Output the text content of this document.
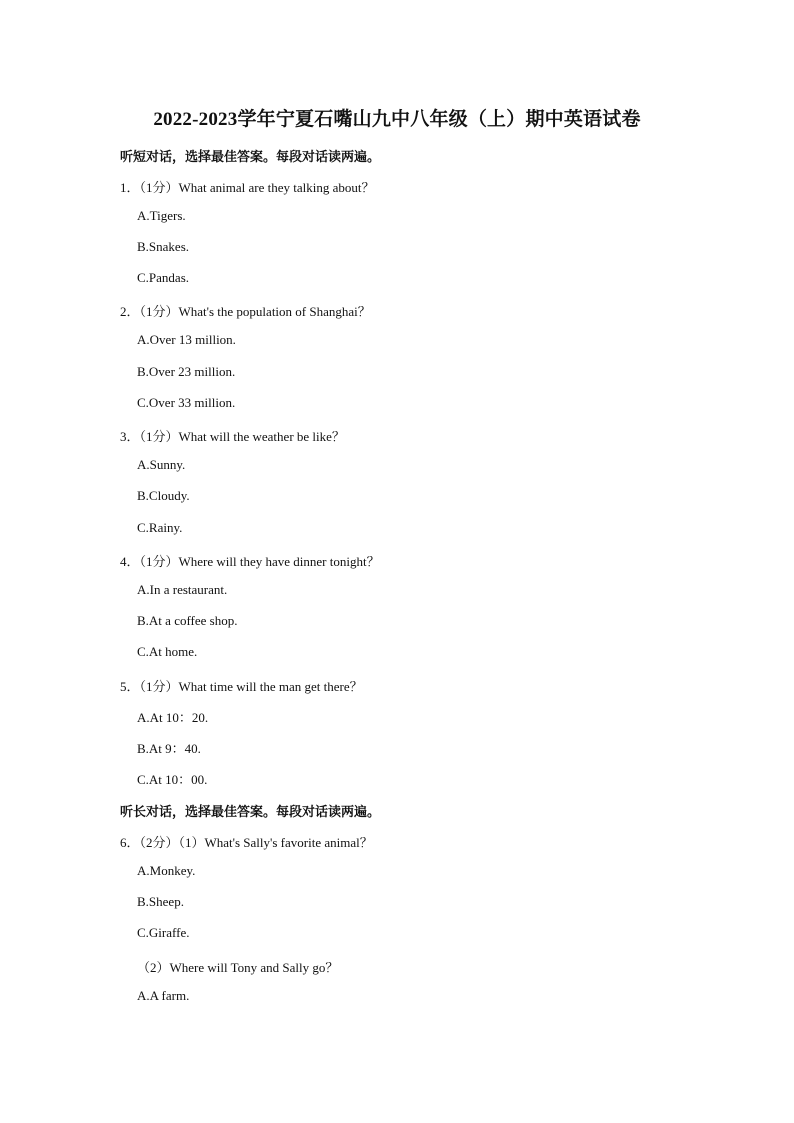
2022-2023学年宁夏石嘴山九中八年级（上）期中英语试卷
听短对话，选择最佳答案。每段对话读两遍。
1．（1分）What animal are they talking about？
A.Tigers.
B.Snakes.
C.Pandas.
2．（1分）What's the population of Shanghai？
A.Over 13 million.
B.Over 23 million.
C.Over 33 million.
3．（1分）What will the weather be like？
A.Sunny.
B.Cloudy.
C.Rainy.
4．（1分）Where will they have dinner tonight？
A.In a restaurant.
B.At a coffee shop.
C.At home.
5．（1分）What time will the man get there？
A.At 10：20.
B.At 9：40.
C.At 10：00.
听长对话，选择最佳答案。每段对话读两遍。
6．（2分）（1）What's Sally's favorite animal？
A.Monkey.
B.Sheep.
C.Giraffe.
（2）Where will Tony and Sally go？
A.A farm.
